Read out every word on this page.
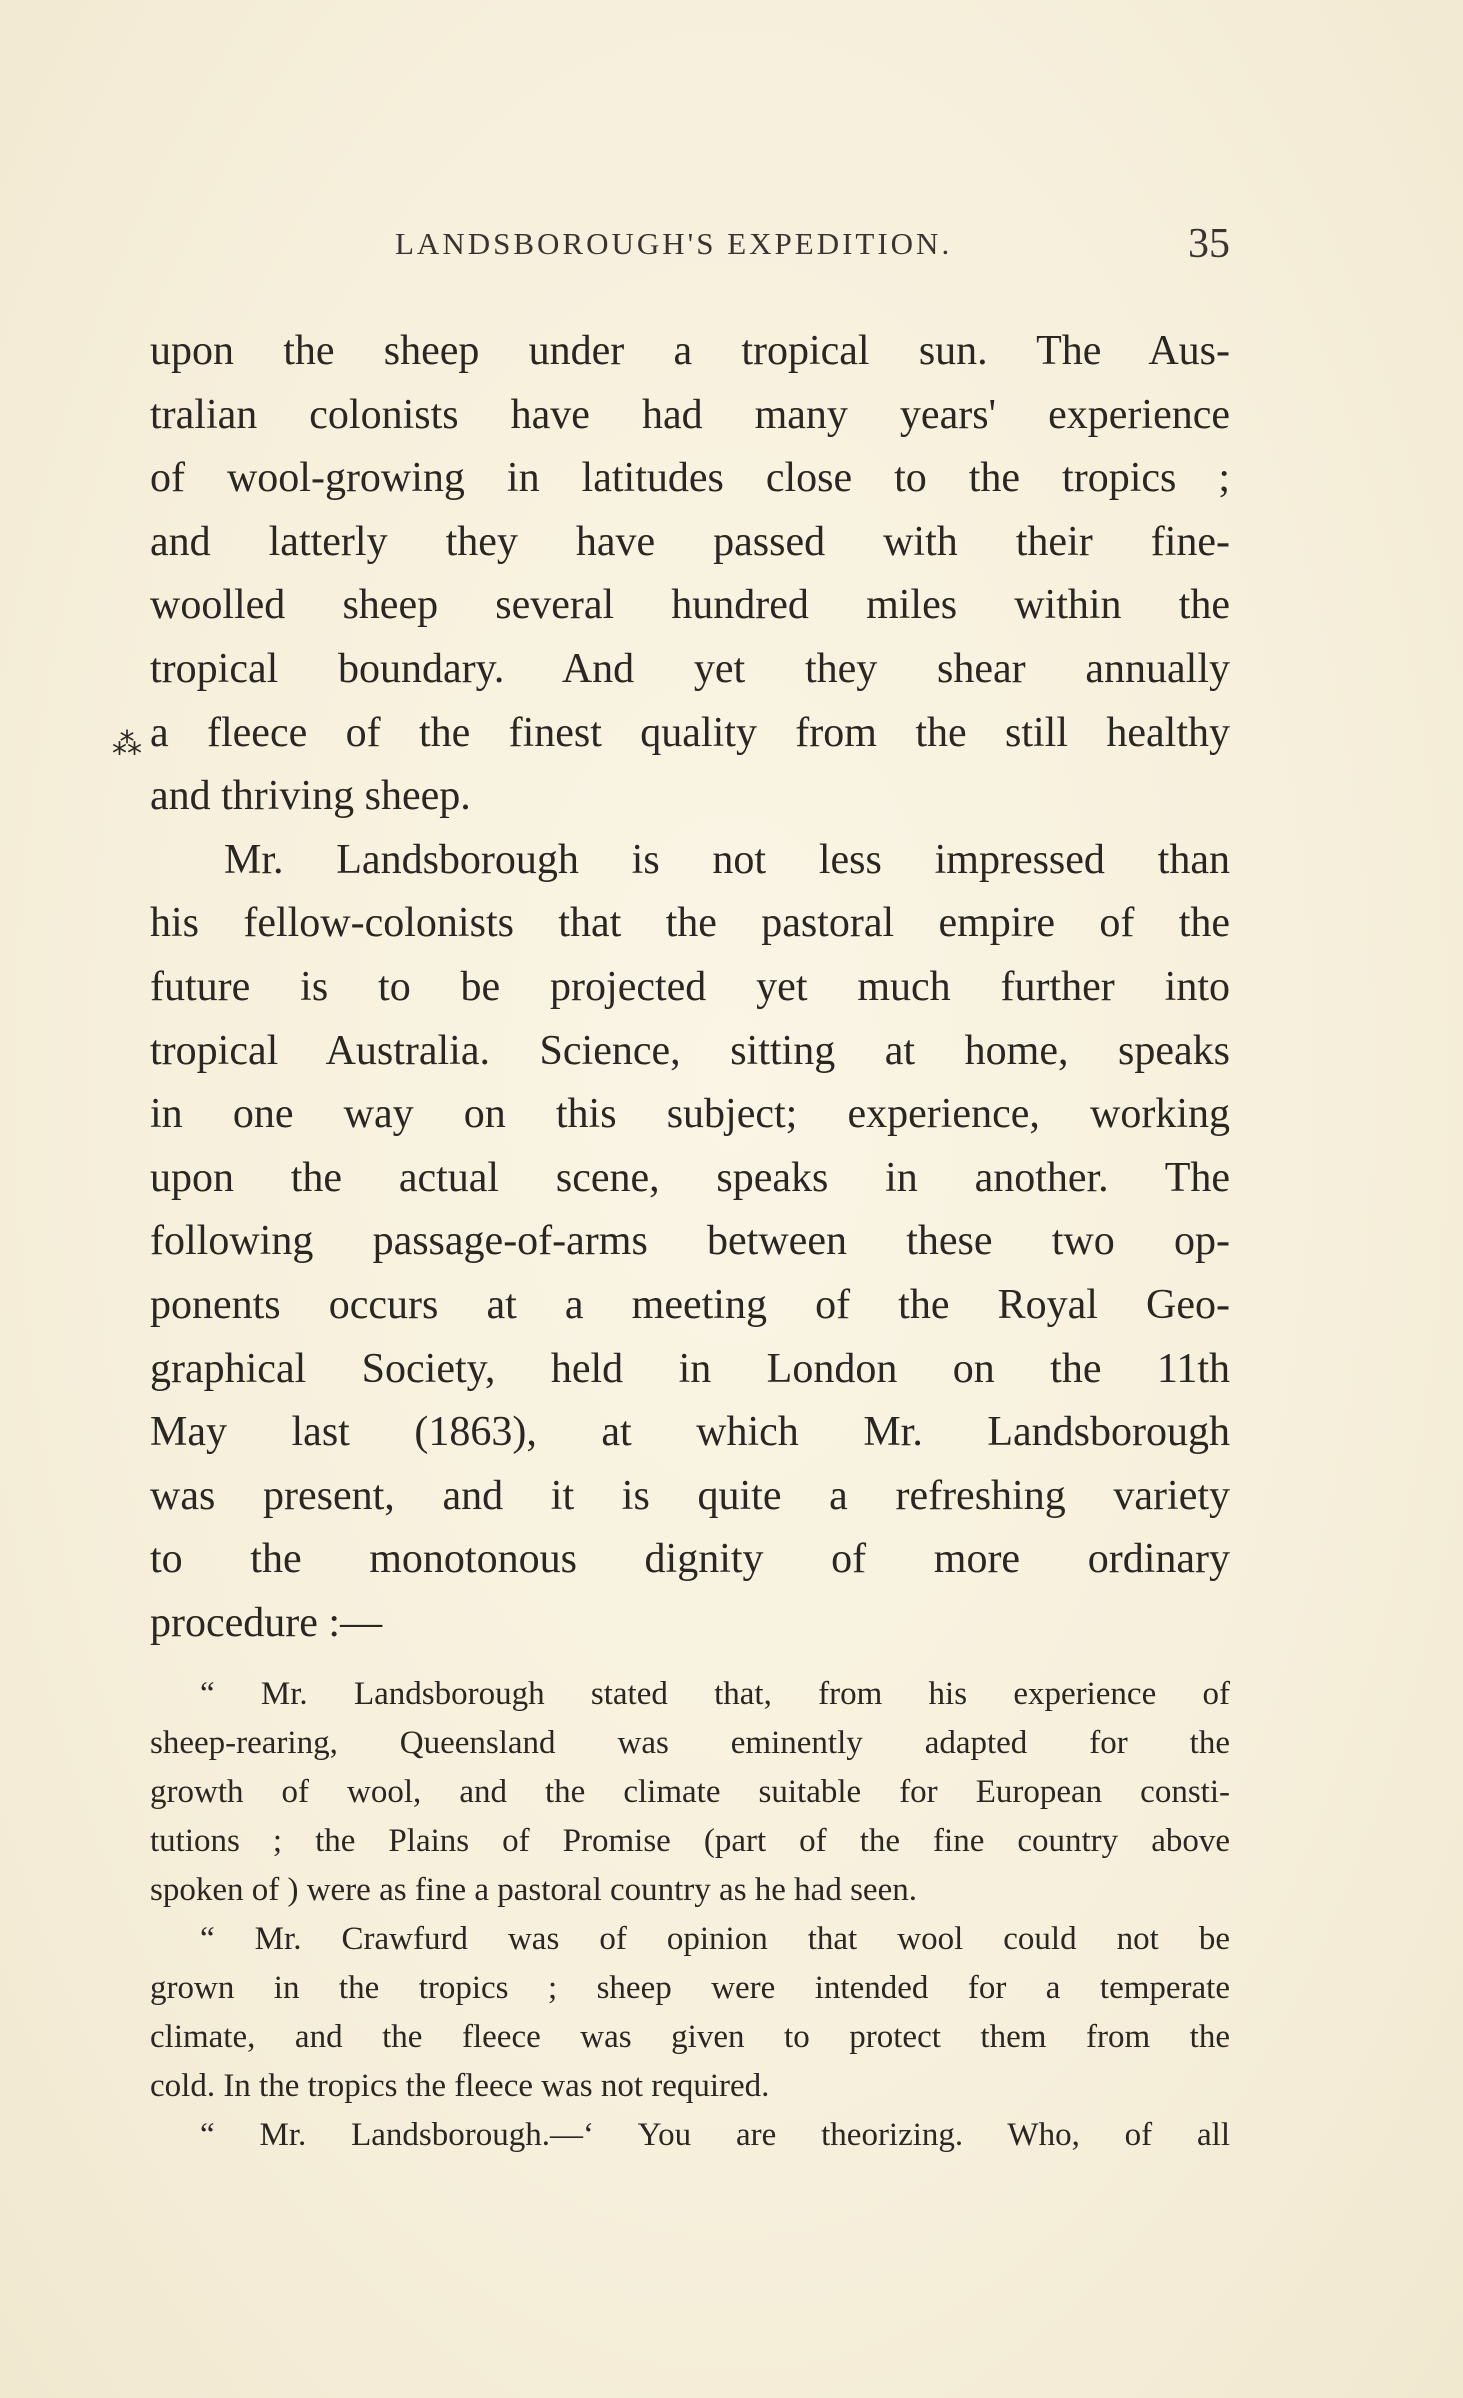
LANDSBOROUGH'S EXPEDITION.	35
⁂
upon the sheep under a tropical sun. The Aus-
tralian colonists have had many years' experience
of wool-growing in latitudes close to the tropics ;
and latterly they have passed with their fine-
woolled sheep several hundred miles within the
tropical boundary. And yet they shear annually
a fleece of the finest quality from the still healthy
and thriving sheep.
Mr. Landsborough is not less impressed than
his fellow-colonists that the pastoral empire of the
future is to be projected yet much further into
tropical Australia. Science, sitting at home, speaks
in one way on this subject; experience, working
upon the actual scene, speaks in another. The
following passage-of-arms between these two op-
ponents occurs at a meeting of the Royal Geo-
graphical Society, held in London on the 11th
May last (1863), at which Mr. Landsborough
was present, and it is quite a refreshing variety
to the monotonous dignity of more ordinary
procedure :—
“ Mr. Landsborough stated that, from his experience of
sheep-rearing, Queensland was eminently adapted for the
growth of wool, and the climate suitable for European consti-
tutions ; the Plains of Promise (part of the fine country above
spoken of ) were as fine a pastoral country as he had seen.
“ Mr. Crawfurd was of opinion that wool could not be
grown in the tropics ; sheep were intended for a temperate
climate, and the fleece was given to protect them from the
cold. In the tropics the fleece was not required.
“ Mr. Landsborough.—‘ You are theorizing. Who, of all
